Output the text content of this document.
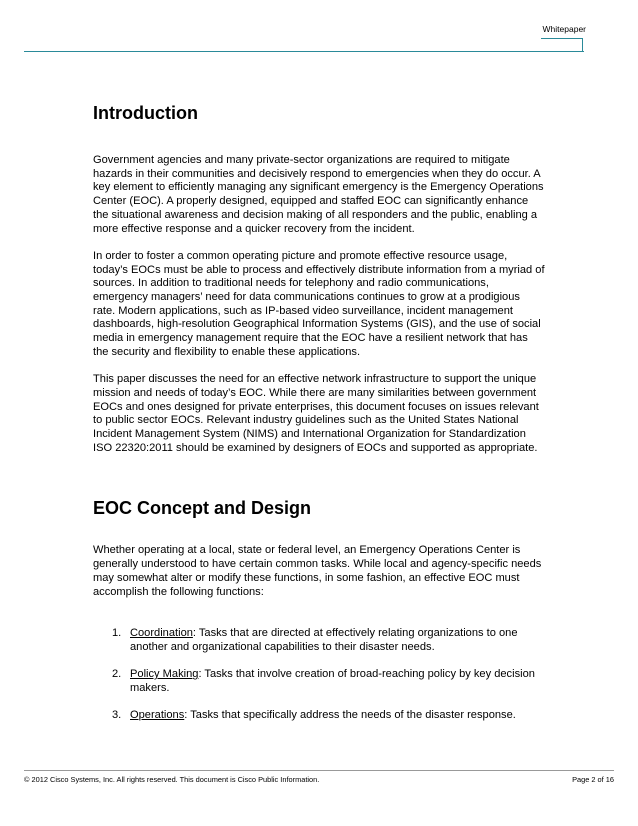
Whitepaper
Introduction

Government agencies and many private-sector organizations are required to mitigate hazards in their communities and decisively respond to emergencies when they do occur. A key element to efficiently managing any significant emergency is the Emergency Operations Center (EOC). A properly designed, equipped and staffed EOC can significantly enhance the situational awareness and decision making of all responders and the public, enabling a more effective response and a quicker recovery from the incident.

In order to foster a common operating picture and promote effective resource usage, today’s EOCs must be able to process and effectively distribute information from a myriad of sources. In addition to traditional needs for telephony and radio communications, emergency managers’ need for data communications continues to grow at a prodigious rate. Modern applications, such as IP-based video surveillance, incident management dashboards, high-resolution Geographical Information Systems (GIS), and the use of social media in emergency management require that the EOC have a resilient network that has the security and flexibility to enable these applications.

This paper discusses the need for an effective network infrastructure to support the unique mission and needs of today’s EOC. While there are many similarities between government EOCs and ones designed for private enterprises, this document focuses on issues relevant to public sector EOCs. Relevant industry guidelines such as the United States National Incident Management System (NIMS) and International Organization for Standardization ISO 22320:2011 should be examined by designers of EOCs and supported as appropriate.

EOC Concept and Design

Whether operating at a local, state or federal level, an Emergency Operations Center is generally understood to have certain common tasks. While local and agency-specific needs may somewhat alter or modify these functions, in some fashion, an effective EOC must accomplish the following functions:

1. Coordination: Tasks that are directed at effectively relating organizations to one another and organizational capabilities to their disaster needs.
2. Policy Making: Tasks that involve creation of broad-reaching policy by key decision makers.
3. Operations: Tasks that specifically address the needs of the disaster response.
© 2012 Cisco Systems, Inc. All rights reserved. This document is Cisco Public Information.	Page 2 of 16
